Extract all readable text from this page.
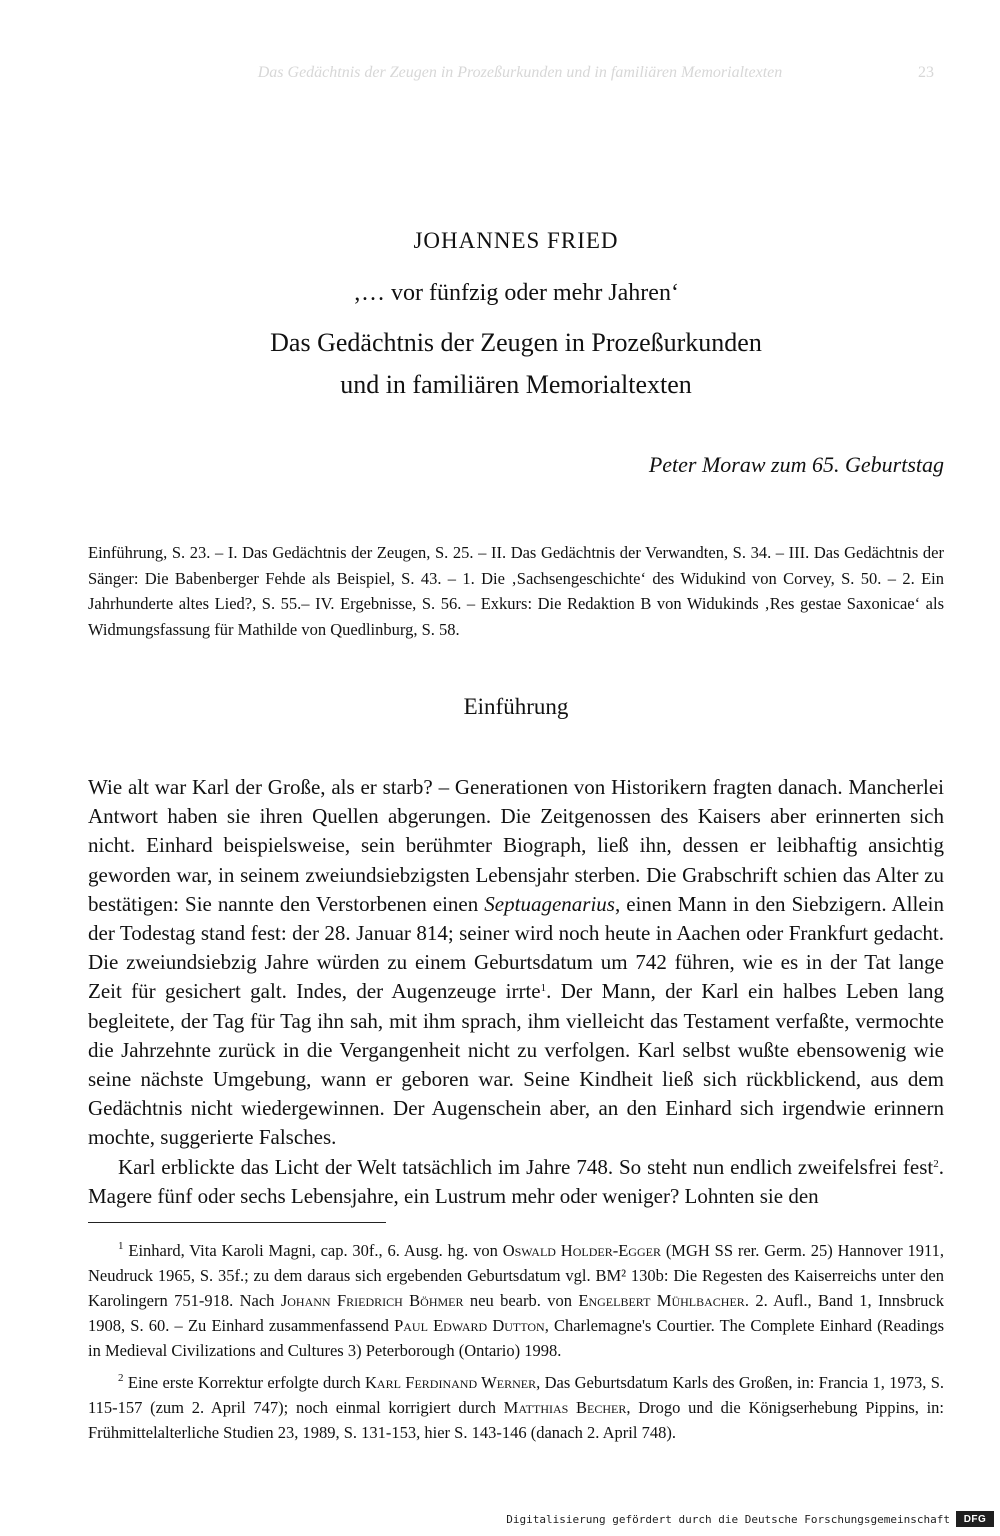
Das Gedächtnis der Zeugen in Prozeßurkunden und in familiären Memorialtexten	23
JOHANNES FRIED
‚… vor fünfzig oder mehr Jahren‘
Das Gedächtnis der Zeugen in Prozeßurkunden
und in familiären Memorialtexten
Peter Moraw zum 65. Geburtstag
Einführung, S. 23. – I. Das Gedächtnis der Zeugen, S. 25. – II. Das Gedächtnis der Verwandten, S. 34. – III. Das Gedächtnis der Sänger: Die Babenberger Fehde als Beispiel, S. 43. – 1. Die ‚Sachsengeschichte‘ des Widukind von Corvey, S. 50. – 2. Ein Jahrhunderte altes Lied?, S. 55.– IV. Ergebnisse, S. 56. – Exkurs: Die Redaktion B von Widukinds ‚Res gestae Saxonicae‘ als Widmungsfassung für Mathilde von Quedlinburg, S. 58.
Einführung

Wie alt war Karl der Große, als er starb? – Generationen von Historikern fragten danach. Mancherlei Antwort haben sie ihren Quellen abgerungen. Die Zeitgenossen des Kaisers aber erinnerten sich nicht. Einhard beispielsweise, sein berühmter Biograph, ließ ihn, dessen er leibhaftig ansichtig geworden war, in seinem zweiundsiebzigsten Lebensjahr sterben. Die Grabschrift schien das Alter zu bestätigen: Sie nannte den Verstorbenen einen Septuagenarius, einen Mann in den Siebzigern. Allein der Todestag stand fest: der 28. Januar 814; seiner wird noch heute in Aachen oder Frankfurt gedacht. Die zweiundsiebzig Jahre würden zu einem Geburtsdatum um 742 führen, wie es in der Tat lange Zeit für gesichert galt. Indes, der Augenzeuge irrte$^1$. Der Mann, der Karl ein halbes Leben lang begleitete, der Tag für Tag ihn sah, mit ihm sprach, ihm vielleicht das Testament verfaßte, vermochte die Jahrzehnte zurück in die Vergangenheit nicht zu verfolgen. Karl selbst wußte ebensowenig wie seine nächste Umgebung, wann er geboren war. Seine Kindheit ließ sich rückblickend, aus dem Gedächtnis nicht wiedergewinnen. Der Augenschein aber, an den Einhard sich irgendwie erinnern mochte, suggerierte Falsches.

Karl erblickte das Licht der Welt tatsächlich im Jahre 748. So steht nun endlich zweifelsfrei fest$^2$. Magere fünf oder sechs Lebensjahre, ein Lustrum mehr oder weniger? Lohnten sie den

$^1$ Einhard, Vita Karoli Magni, cap. 30f., 6. Ausg. hg. von Oswald Holder-Egger (MGH SS rer. Germ. 25) Hannover 1911, Neudruck 1965, S. 35f.; zu dem daraus sich ergebenden Geburtsdatum vgl. BM² 130b: Die Regesten des Kaiserreichs unter den Karolingern 751-918. Nach Johann Friedrich Böhmer neu bearb. von Engelbert Mühlbacher. 2. Aufl., Band 1, Innsbruck 1908, S. 60. – Zu Einhard zusammenfassend Paul Edward Dutton, Charlemagne's Courtier. The Complete Einhard (Readings in Medieval Civilizations and Cultures 3) Peterborough (Ontario) 1998.

$^2$ Eine erste Korrektur erfolgte durch Karl Ferdinand Werner, Das Geburtsdatum Karls des Großen, in: Francia 1, 1973, S. 115-157 (zum 2. April 747); noch einmal korrigiert durch Matthias Becher, Drogo und die Königserhebung Pippins, in: Frühmittelalterliche Studien 23, 1989, S. 131-153, hier S. 143-146 (danach 2. April 748).

Digitalisierung gefördert durch die Deutsche Forschungsgemeinschaft	DFG
